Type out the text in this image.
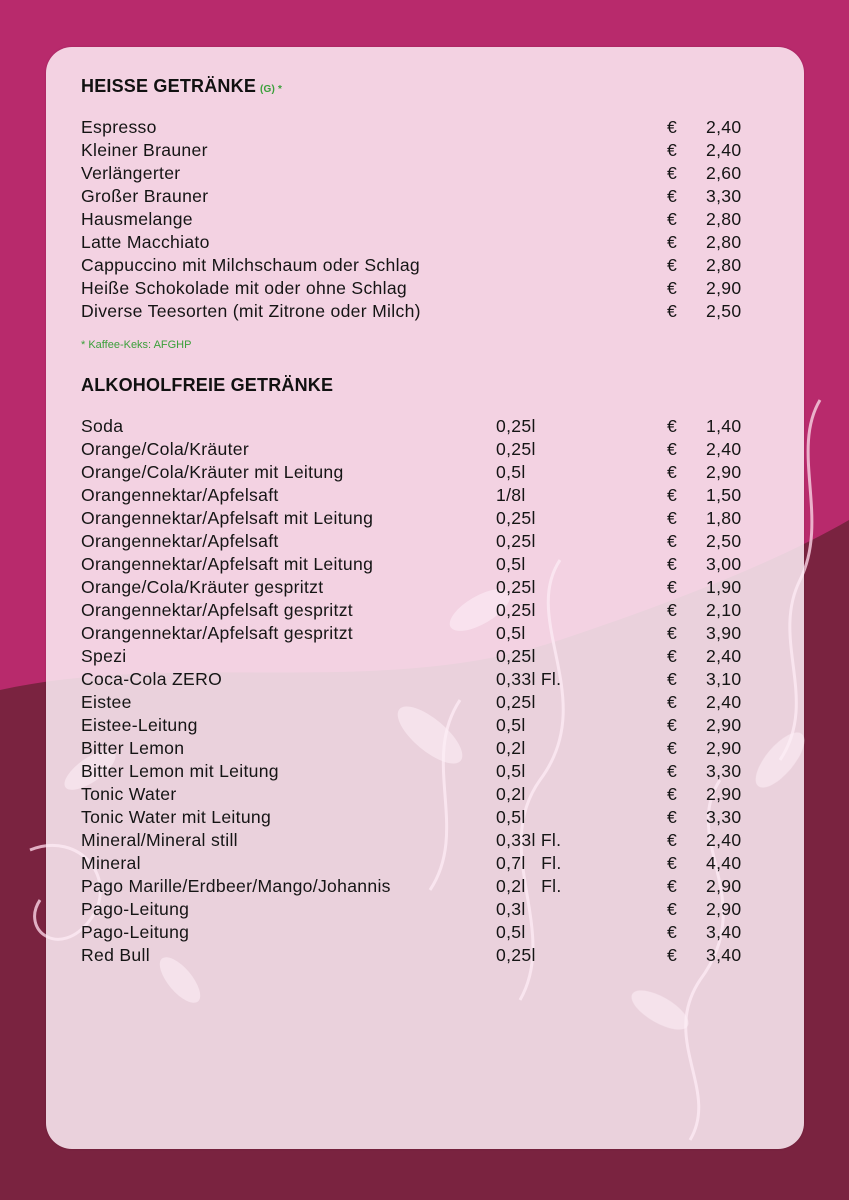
HEISSE GETRÄNKE (G) *
Espresso	€ 2,40
Kleiner Brauner	€ 2,40
Verlängerter	€ 2,60
Großer Brauner	€ 3,30
Hausmelange	€ 2,80
Latte Macchiato	€ 2,80
Cappuccino mit Milchschaum oder Schlag	€ 2,80
Heiße Schokolade mit oder ohne Schlag	€ 2,90
Diverse Teesorten (mit Zitrone oder Milch)	€ 2,50
* Kaffee-Keks: AFGHP
ALKOHOLFREIE GETRÄNKE
Soda	0,25l	€ 1,40
Orange/Cola/Kräuter	0,25l	€ 2,40
Orange/Cola/Kräuter mit Leitung	0,5l	€ 2,90
Orangennektar/Apfelsaft	1/8l	€ 1,50
Orangennektar/Apfelsaft mit Leitung	0,25l	€ 1,80
Orangennektar/Apfelsaft	0,25l	€ 2,50
Orangennektar/Apfelsaft mit Leitung	0,5l	€ 3,00
Orange/Cola/Kräuter gespritzt	0,25l	€ 1,90
Orangennektar/Apfelsaft gespritzt	0,25l	€ 2,10
Orangennektar/Apfelsaft gespritzt	0,5l	€ 3,90
Spezi	0,25l	€ 2,40
Coca-Cola ZERO	0,33l Fl.	€ 3,10
Eistee	0,25l	€ 2,40
Eistee-Leitung	0,5l	€ 2,90
Bitter Lemon	0,2l	€ 2,90
Bitter Lemon mit Leitung	0,5l	€ 3,30
Tonic Water	0,2l	€ 2,90
Tonic Water mit Leitung	0,5l	€ 3,30
Mineral/Mineral still	0,33l Fl.	€ 2,40
Mineral	0,7l   Fl.	€ 4,40
Pago Marille/Erdbeer/Mango/Johannis	0,2l   Fl.	€ 2,90
Pago-Leitung	0,3l	€ 2,90
Pago-Leitung	0,5l	€ 3,40
Red Bull	0,25l	€ 3,40
